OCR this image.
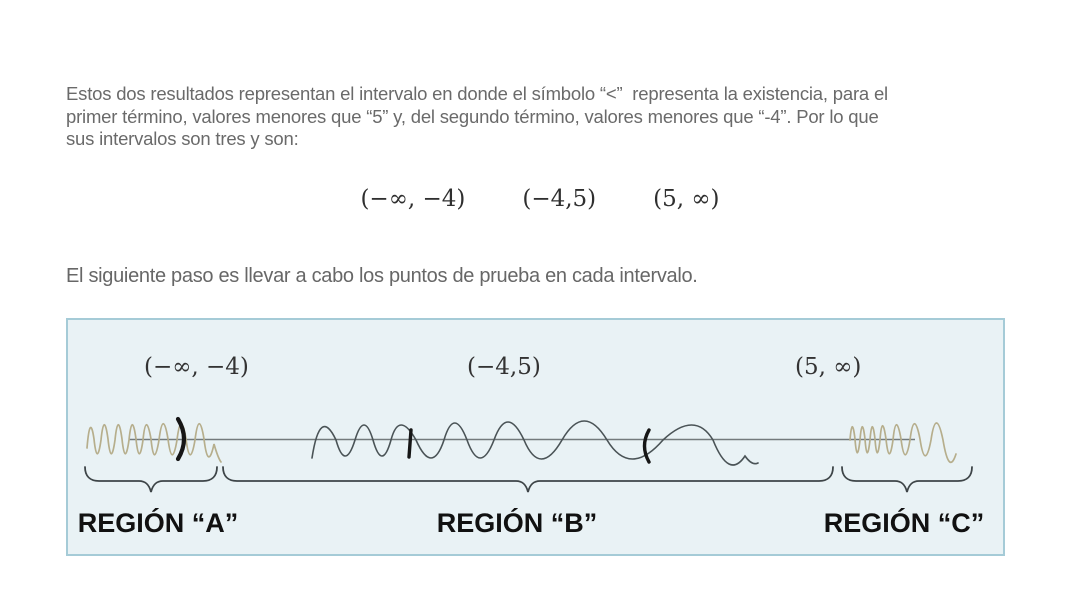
Estos dos resultados representan el intervalo en donde el símbolo “<”  representa la existencia, para el
primer término, valores menores que “5” y, del segundo término, valores menores que “-4”. Por lo que
sus intervalos son tres y son:
(−∞, −4) (−4,5) (5, ∞)
El siguiente paso es llevar a cabo los puntos de prueba en cada intervalo.
(−∞, −4)	(−4,5)	(5, ∞)
REGIÓN “A”	REGIÓN “B”	REGIÓN “C”
